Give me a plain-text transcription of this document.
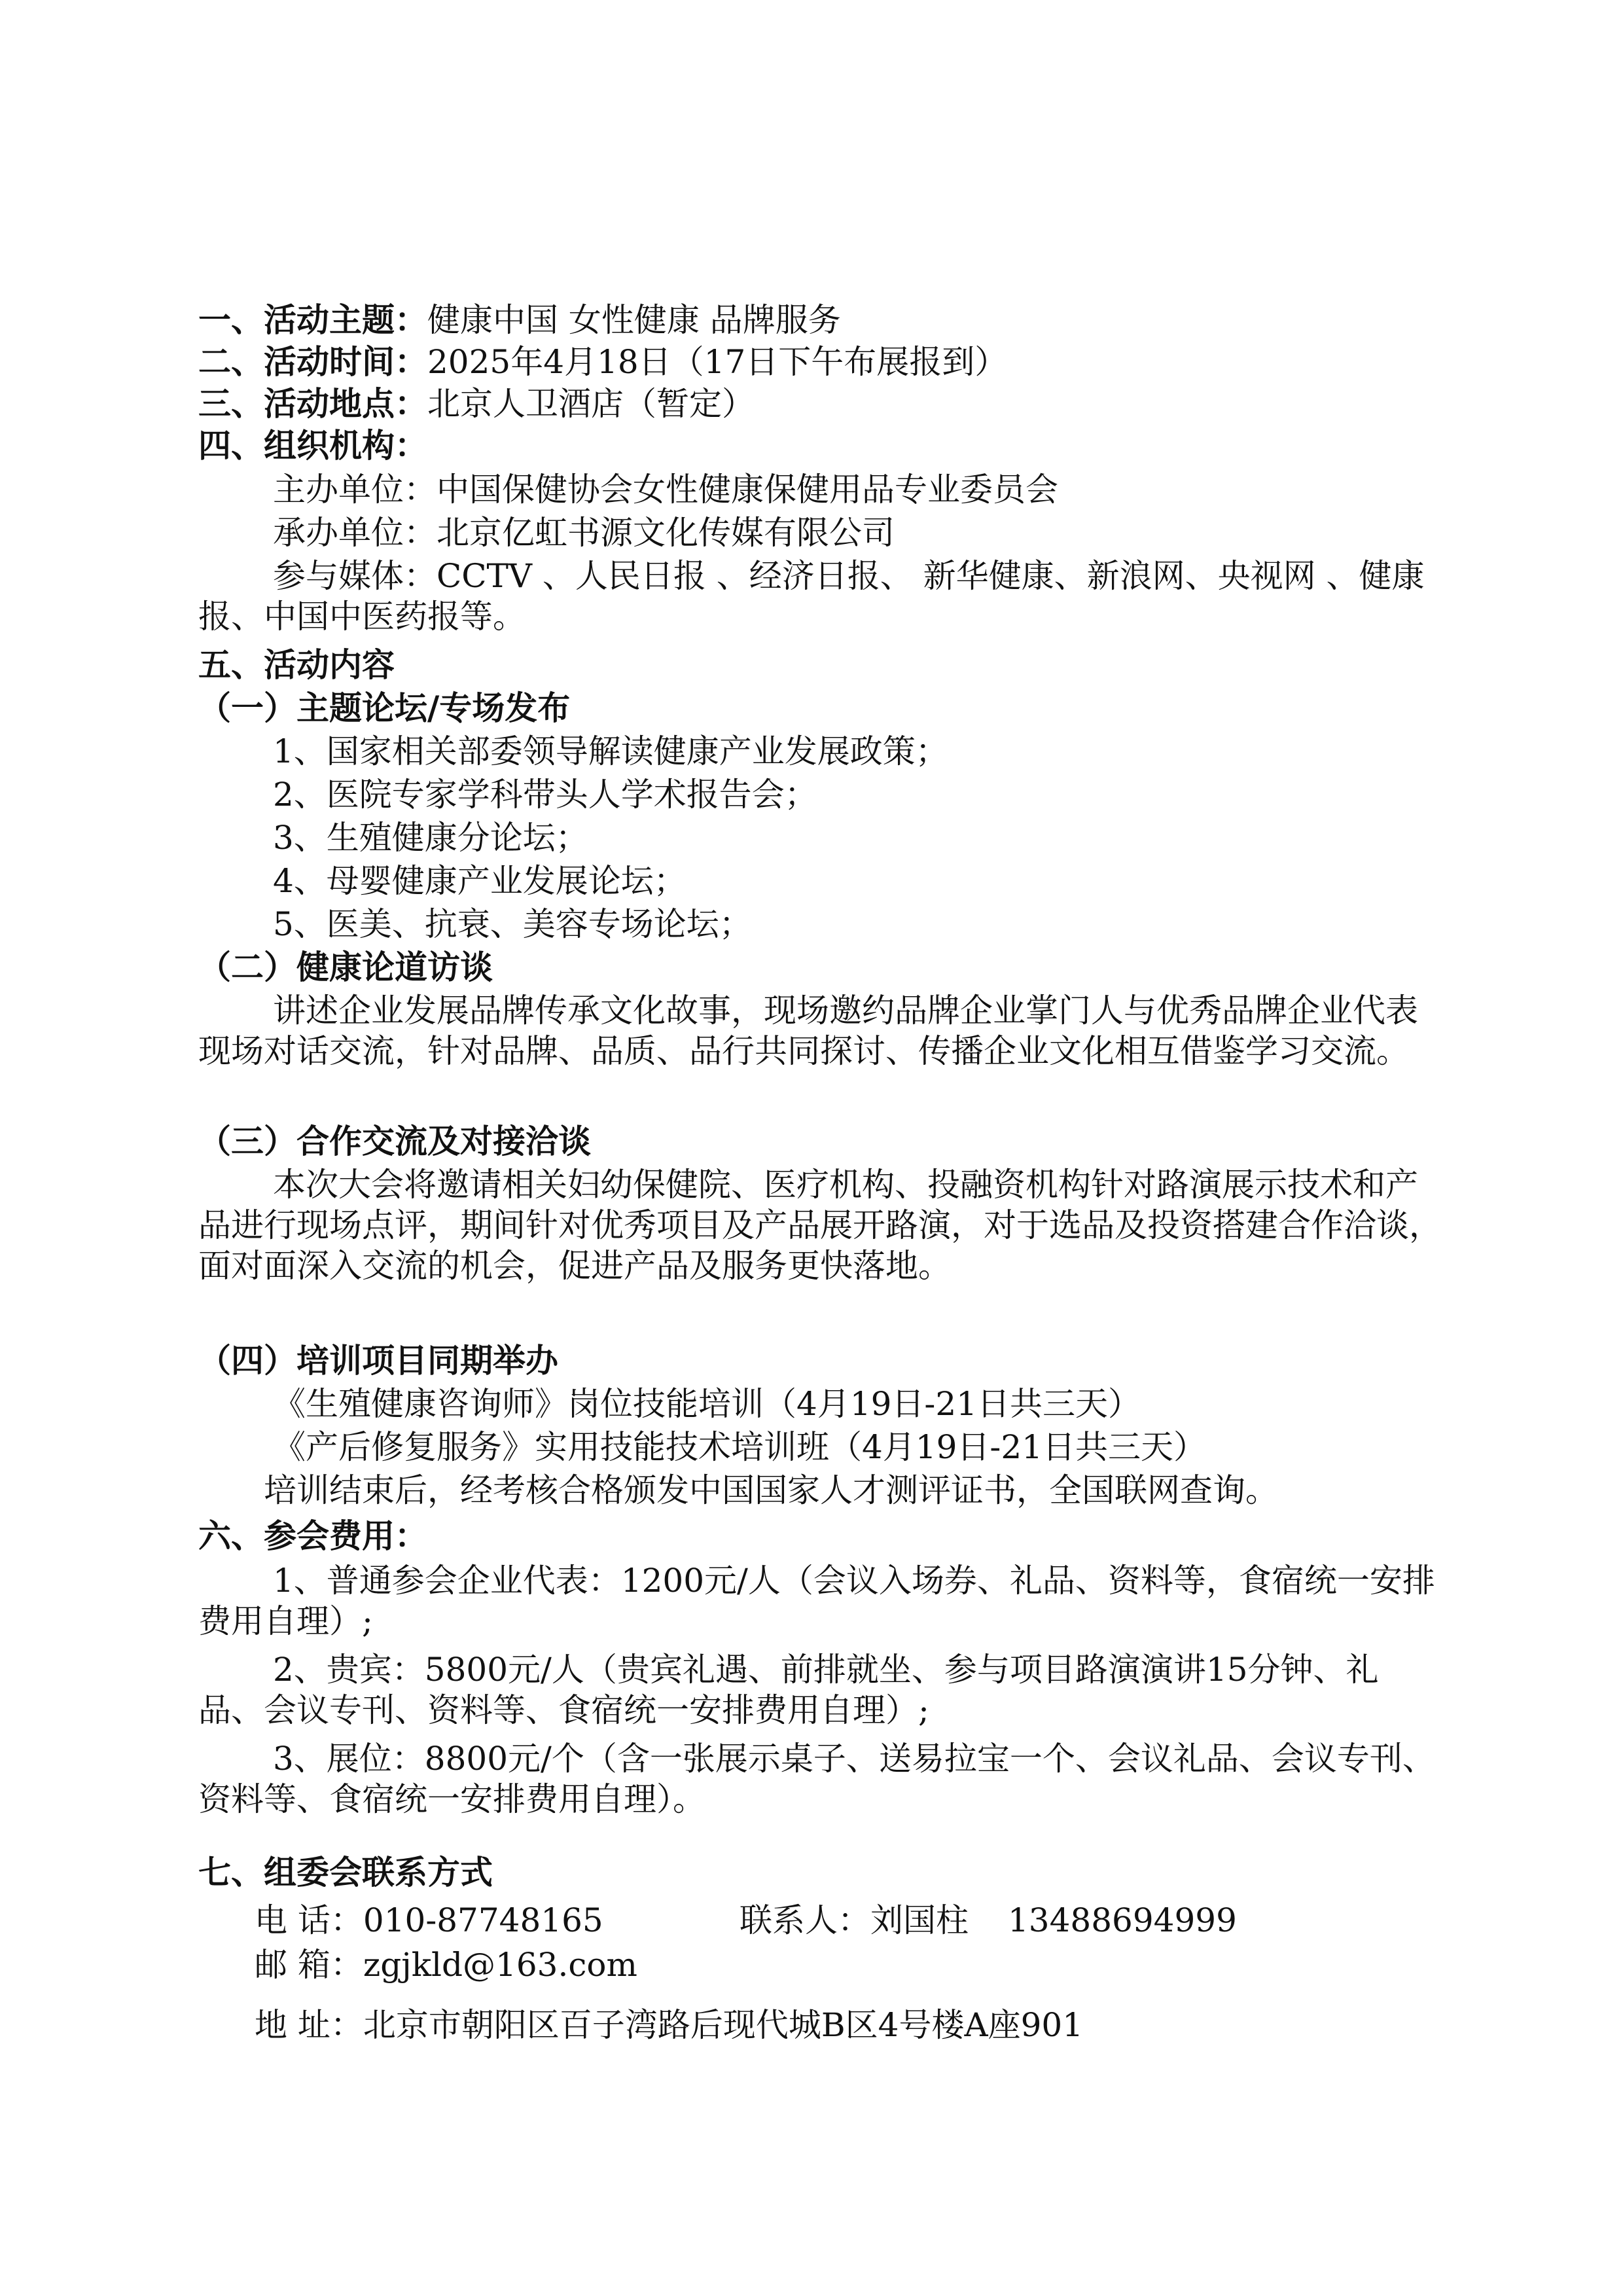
一、活动主题：健康中国 女性健康 品牌服务
二、活动时间：2025年4月18日（17日下午布展报到）
三、活动地点：北京人卫酒店（暂定）
四、组织机构：
主办单位：中国保健协会女性健康保健用品专业委员会
承办单位：北京亿虹书源文化传媒有限公司
参与媒体：CCTV 、人民日报 、经济日报、 新华健康、新浪网、央视网 、健康报、中国中医药报等。
五、活动内容
（一）主题论坛/专场发布
1、国家相关部委领导解读健康产业发展政策；
2、医院专家学科带头人学术报告会；
3、生殖健康分论坛；
4、母婴健康产业发展论坛；
5、医美、抗衰、美容专场论坛；
（二）健康论道访谈
讲述企业发展品牌传承文化故事，现场邀约品牌企业掌门人与优秀品牌企业代表现场对话交流，针对品牌、品质、品行共同探讨、传播企业文化相互借鉴学习交流。
（三）合作交流及对接洽谈
本次大会将邀请相关妇幼保健院、医疗机构、投融资机构针对路演展示技术和产品进行现场点评，期间针对优秀项目及产品展开路演，对于选品及投资搭建合作洽谈，面对面深入交流的机会，促进产品及服务更快落地。
（四）培训项目同期举办
《生殖健康咨询师》岗位技能培训（4月19日-21日共三天）
《产后修复服务》实用技能技术培训班（4月19日-21日共三天）
培训结束后，经考核合格颁发中国国家人才测评证书，全国联网查询。
六、参会费用：
1、普通参会企业代表：1200元/人（会议入场券、礼品、资料等，食宿统一安排费用自理）;
2、贵宾：5800元/人（贵宾礼遇、前排就坐、参与项目路演演讲15分钟、礼品、会议专刊、资料等、食宿统一安排费用自理）;
3、展位：8800元/个（含一张展示桌子、送易拉宝一个、会议礼品、会议专刊、资料等、食宿统一安排费用自理）。
七、组委会联系方式
电 话：010-87748165	联系人：刘国柱 13488694999
邮 箱：zgjkld@163.com
地 址：北京市朝阳区百子湾路后现代城B区4号楼A座901
